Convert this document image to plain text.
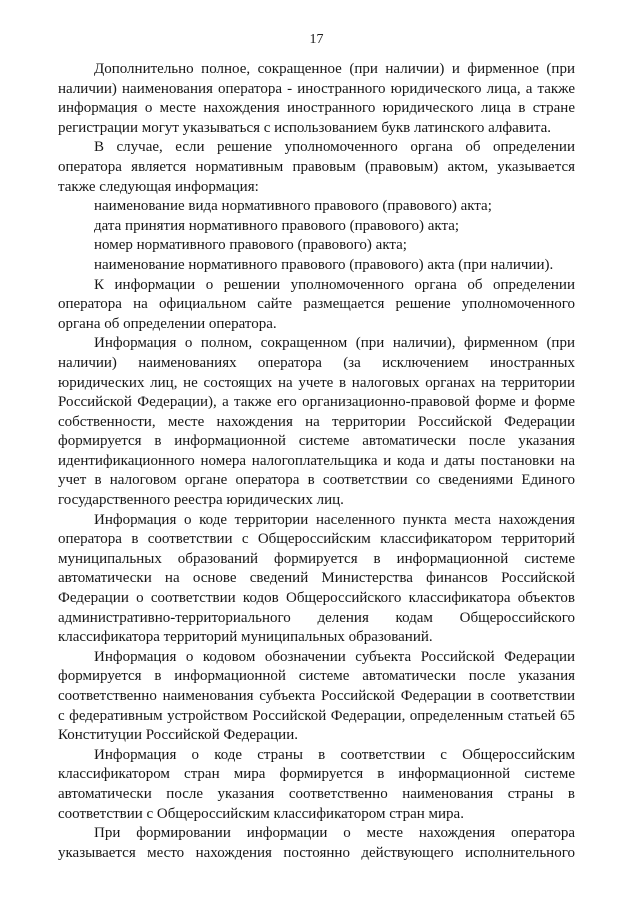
17
Дополнительно полное, сокращенное (при наличии) и фирменное (при
наличии) наименования оператора - иностранного юридического лица, а также
информация о месте нахождения иностранного юридического лица в стране
регистрации могут указываться с использованием букв латинского алфавита.
В случае, если решение уполномоченного органа об определении
оператора является нормативным правовым (правовым) актом, указывается
также следующая информация:
наименование вида нормативного правового (правового) акта;
дата принятия нормативного правового (правового) акта;
номер нормативного правового (правового) акта;
наименование нормативного правового (правового) акта (при наличии).
К информации о решении уполномоченного органа об определении
оператора на официальном сайте размещается решение уполномоченного
органа об определении оператора.
Информация о полном, сокращенном (при наличии), фирменном (при
наличии) наименованиях оператора (за исключением иностранных
юридических лиц, не состоящих на учете в налоговых органах на территории
Российской Федерации), а также его организационно-правовой форме и форме
собственности, месте нахождения на территории Российской Федерации
формируется в информационной системе автоматически после указания
идентификационного номера налогоплательщика и кода и даты постановки на
учет в налоговом органе оператора в соответствии со сведениями Единого
государственного реестра юридических лиц.
Информация о коде территории населенного пункта места нахождения
оператора в соответствии с Общероссийским классификатором территорий
муниципальных образований формируется в информационной системе
автоматически на основе сведений Министерства финансов Российской
Федерации о соответствии кодов Общероссийского классификатора объектов
административно-территориального деления кодам Общероссийского
классификатора территорий муниципальных образований.
Информация о кодовом обозначении субъекта Российской Федерации
формируется в информационной системе автоматически после указания
соответственно наименования субъекта Российской Федерации в соответствии
с федеративным устройством Российской Федерации, определенным статьей 65
Конституции Российской Федерации.
Информация о коде страны в соответствии с Общероссийским
классификатором стран мира формируется в информационной системе
автоматически после указания соответственно наименования страны в
соответствии с Общероссийским классификатором стран мира.
При формировании информации о месте нахождения оператора
указывается место нахождения постоянно действующего исполнительного
